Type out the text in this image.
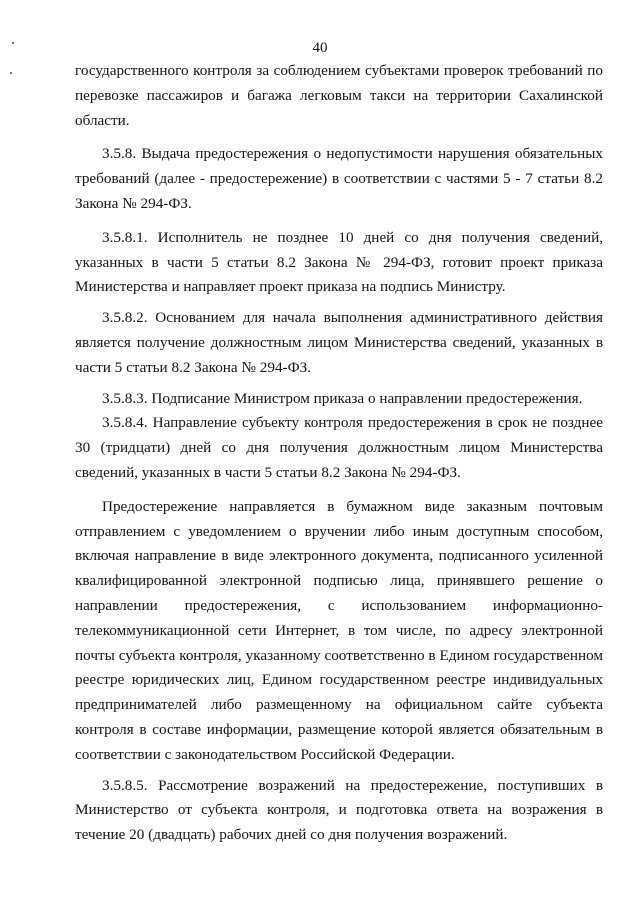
40

государственного контроля за соблюдением субъектами проверок требований по перевозке пассажиров и багажа легковым такси на территории Сахалинской области.

3.5.8. Выдача предостережения о недопустимости нарушения обязательных требований (далее - предостережение) в соответствии с частями 5 - 7 статьи 8.2 Закона № 294-ФЗ.

3.5.8.1. Исполнитель не позднее 10 дней со дня получения сведений, указанных в части 5 статьи 8.2 Закона № 294-ФЗ, готовит проект приказа Министерства и направляет проект приказа на подпись Министру.

3.5.8.2. Основанием для начала выполнения административного действия является получение должностным лицом Министерства сведений, указанных в части 5 статьи 8.2 Закона № 294-ФЗ.

3.5.8.3. Подписание Министром приказа о направлении предостережения.

3.5.8.4. Направление субъекту контроля предостережения в срок не позднее 30 (тридцати) дней со дня получения должностным лицом Министерства сведений, указанных в части 5 статьи 8.2 Закона № 294-ФЗ.

Предостережение направляется в бумажном виде заказным почтовым отправлением с уведомлением о вручении либо иным доступным способом, включая направление в виде электронного документа, подписанного усиленной квалифицированной электронной подписью лица, принявшего решение о направлении предостережения, с использованием информационно-телекоммуникационной сети Интернет, в том числе, по адресу электронной почты субъекта контроля, указанному соответственно в Едином государственном реестре юридических лиц, Едином государственном реестре индивидуальных предпринимателей либо размещенному на официальном сайте субъекта контроля в составе информации, размещение которой является обязательным в соответствии с законодательством Российской Федерации.

3.5.8.5. Рассмотрение возражений на предостережение, поступивших в Министерство от субъекта контроля, и подготовка ответа на возражения в течение 20 (двадцать) рабочих дней со дня получения возражений.
